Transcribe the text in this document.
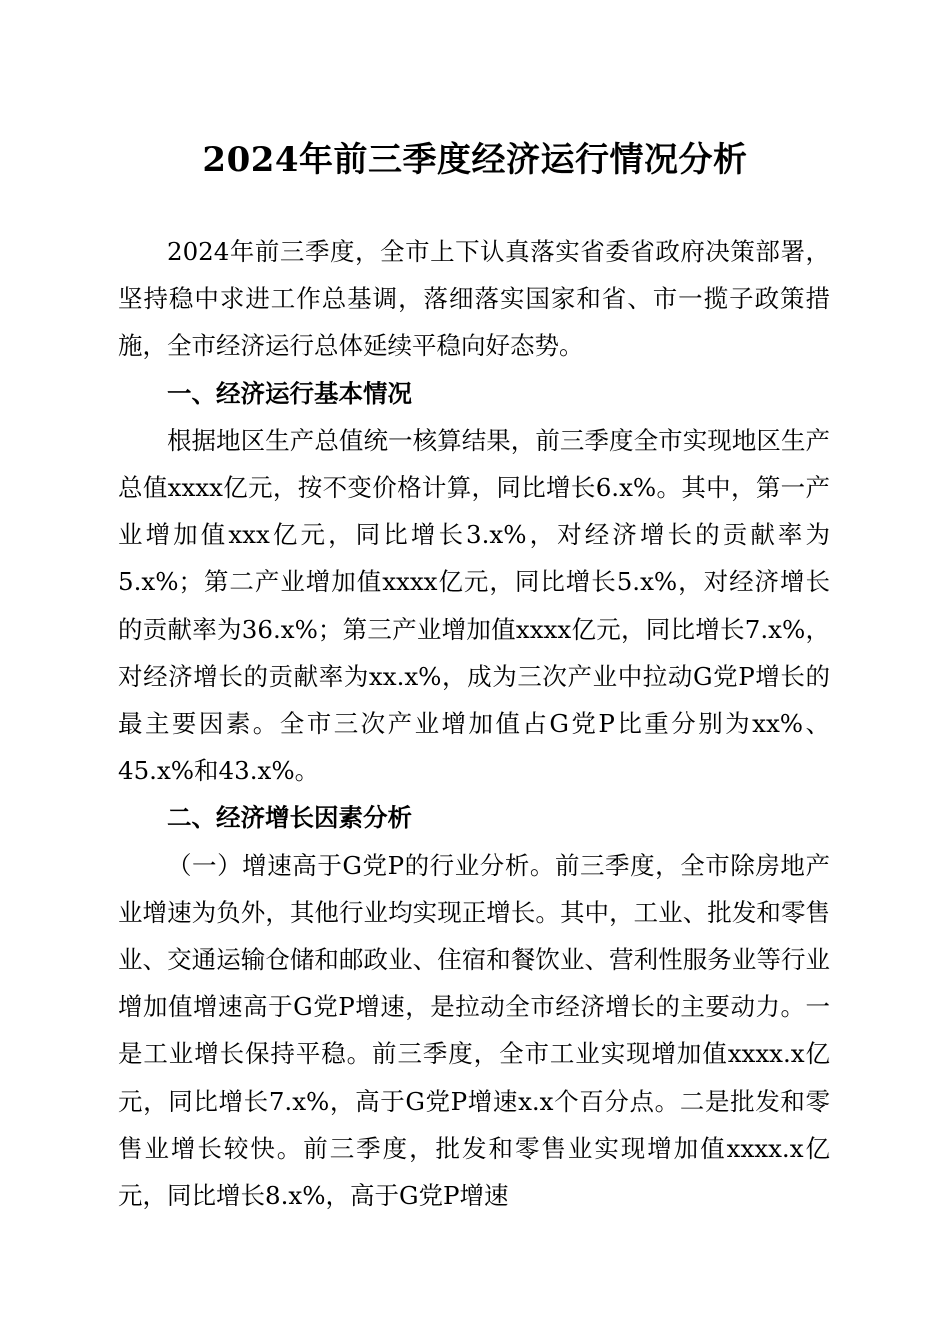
2024年前三季度经济运行情况分析

2024年前三季度，全市上下认真落实省委省政府决策部署，坚持稳中求进工作总基调，落细落实国家和省、市一揽子政策措施，全市经济运行总体延续平稳向好态势。

一、经济运行基本情况

根据地区生产总值统一核算结果，前三季度全市实现地区生产总值xxxx亿元，按不变价格计算，同比增长6.x%。其中，第一产业增加值xxx亿元，同比增长3.x%，对经济增长的贡献率为5.x%；第二产业增加值xxxx亿元，同比增长5.x%，对经济增长的贡献率为36.x%；第三产业增加值xxxx亿元，同比增长7.x%，对经济增长的贡献率为xx.x%，成为三次产业中拉动G党P增长的最主要因素。全市三次产业增加值占G党P比重分别为xx%、45.x%和43.x%。

二、经济增长因素分析

（一）增速高于G党P的行业分析。前三季度，全市除房地产业增速为负外，其他行业均实现正增长。其中，工业、批发和零售业、交通运输仓储和邮政业、住宿和餐饮业、营利性服务业等行业增加值增速高于G党P增速，是拉动全市经济增长的主要动力。一是工业增长保持平稳。前三季度，全市工业实现增加值xxxx.x亿元，同比增长7.x%，高于G党P增速x.x个百分点。二是批发和零售业增长较快。前三季度，批发和零售业实现增加值xxxx.x亿元，同比增长8.x%，高于G党P增速
